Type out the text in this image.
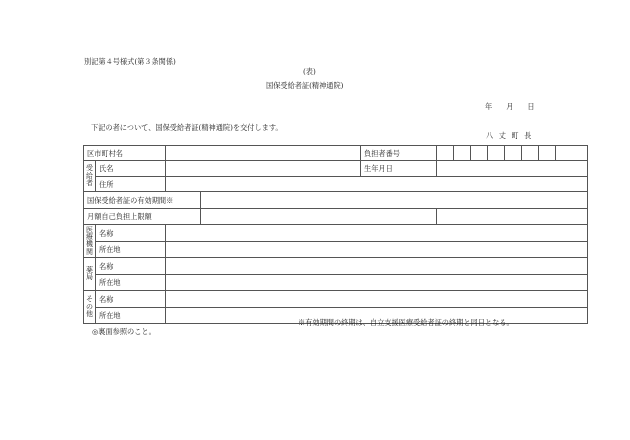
別記第４号様式(第３条関係)
(表)
国保受給者証(精神通院)
年 月 日
下記の者について、国保受給者証(精神通院)を交付します。
八丈町長
区市町村名				負担者番号								
受給者	氏名			生年月日								
	住所											
国保受給者証の有効期間※												
月額自己負担上限額												
医療機関	名称											
	所在地											
薬局	名称											
	所在地											
その他	名称											
	所在地											
※有効期間の終期は、自立支援医療受給者証の終期と同日となる。
◎裏面参照のこと。
